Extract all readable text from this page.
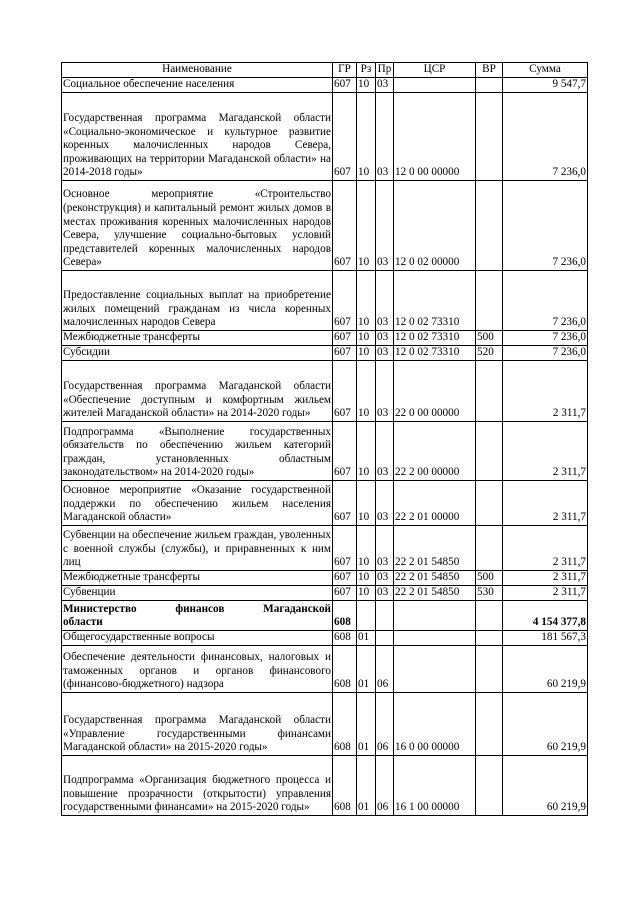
Наименование	ГР	Рз	Пр	ЦСР	ВР	Сумма
Социальное обеспечение населения	607	10	03			9 547,7
Государственная программа Магаданской области «Социально-экономическое и культурное развитие коренных малочисленных народов Севера, проживающих на территории Магаданской области» на 2014-2018 годы»	607	10	03	12 0 00 00000		7 236,0
Основное мероприятие «Строительство (реконструкция) и капитальный ремонт жилых домов в местах проживания коренных малочисленных народов Севера, улучшение социально-бытовых условий представителей коренных малочисленных народов Севера»	607	10	03	12 0 02 00000		7 236,0
Предоставление социальных выплат на приобретение жилых помещений гражданам из числа коренных малочисленных народов Севера	607	10	03	12 0 02 73310		7 236,0
Межбюджетные трансферты	607	10	03	12 0 02 73310	500	7 236,0
Субсидии	607	10	03	12 0 02 73310	520	7 236,0
Государственная программа Магаданской области «Обеспечение доступным и комфортным жильем жителей Магаданской области» на 2014-2020 годы»	607	10	03	22 0 00 00000		2 311,7
Подпрограмма «Выполнение государственных обязательств по обеспечению жильем категорий граждан, установленных областным законодательством» на 2014-2020 годы»	607	10	03	22 2 00 00000		2 311,7
Основное мероприятие «Оказание государственной поддержки по обеспечению жильем населения Магаданской области»	607	10	03	22 2 01 00000		2 311,7
Субвенции на обеспечение жильем граждан, уволенных с военной службы (службы), и приравненных к ним лиц	607	10	03	22 2 01 54850		2 311,7
Межбюджетные трансферты	607	10	03	22 2 01 54850	500	2 311,7
Субвенции	607	10	03	22 2 01 54850	530	2 311,7
Министерство финансов Магаданской
области	608					4 154 377,8
Общегосударственные вопросы	608	01				181 567,3
Обеспечение деятельности финансовых, налоговых и таможенных органов и органов финансового (финансово-бюджетного) надзора	608	01	06			60 219,9
Государственная программа Магаданской области «Управление государственными финансами Магаданской области» на 2015-2020 годы»	608	01	06	16 0 00 00000		60 219,9
Подпрограмма «Организация бюджетного процесса и повышение прозрачности (открытости) управления государственными финансами» на 2015-2020 годы»	608	01	06	16 1 00 00000		60 219,9
